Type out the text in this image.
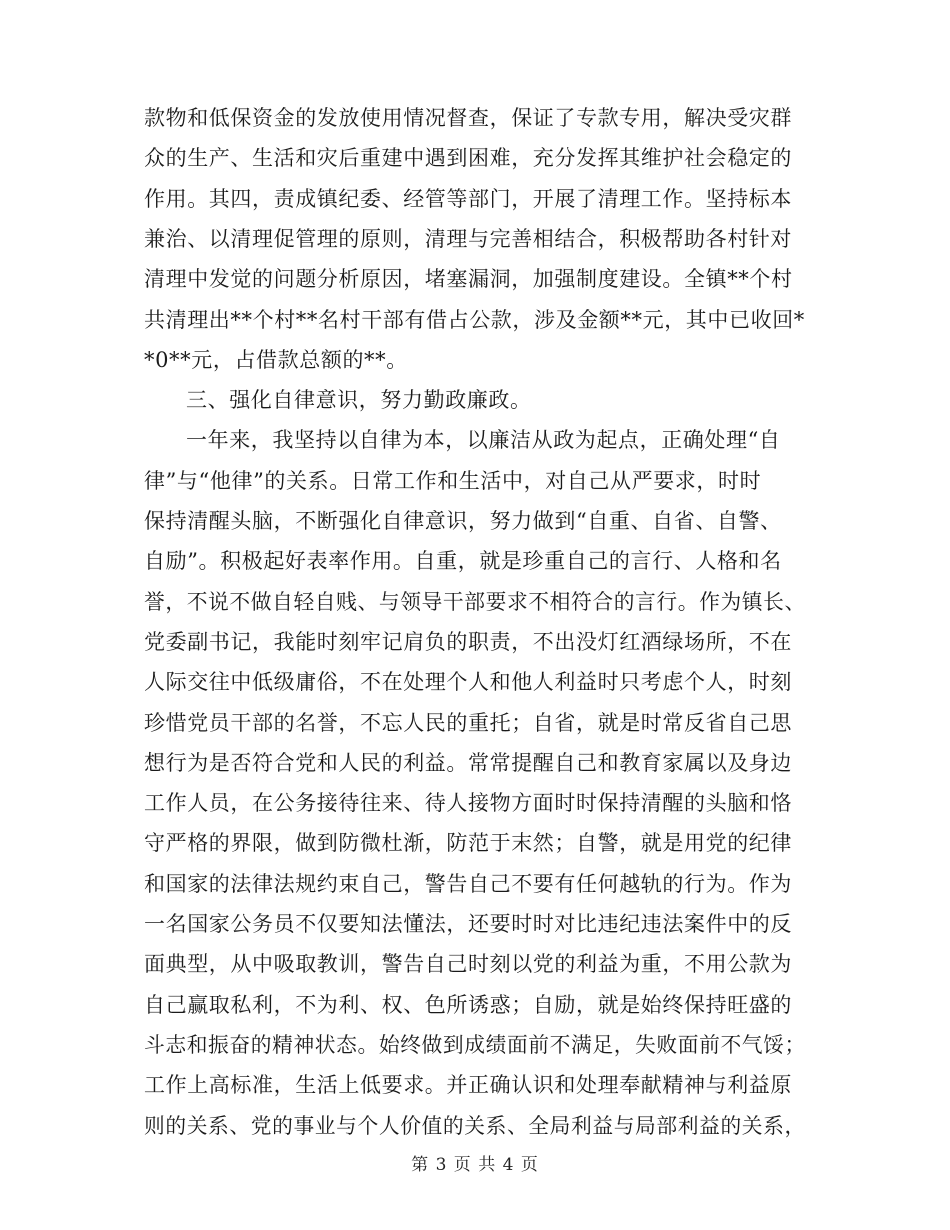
款物和低保资金的发放使用情况督查，保证了专款专用，解决受灾群
众的生产、生活和灾后重建中遇到困难，充分发挥其维护社会稳定的
作用。其四，责成镇纪委、经管等部门，开展了清理工作。坚持标本
兼治、以清理促管理的原则，清理与完善相结合，积极帮助各村针对
清理中发觉的问题分析原因，堵塞漏洞，加强制度建设。全镇**个村
共清理出**个村**名村干部有借占公款，涉及金额**元，其中已收回*
*0**元，占借款总额的**。
三、强化自律意识，努力勤政廉政。
一年来，我坚持以自律为本，以廉洁从政为起点，正确处理“自
律”与“他律”的关系。日常工作和生活中，对自己从严要求，时时
保持清醒头脑，不断强化自律意识，努力做到“自重、自省、自警、
自励”。积极起好表率作用。自重，就是珍重自己的言行、人格和名
誉，不说不做自轻自贱、与领导干部要求不相符合的言行。作为镇长、
党委副书记，我能时刻牢记肩负的职责，不出没灯红酒绿场所，不在
人际交往中低级庸俗，不在处理个人和他人利益时只考虑个人，时刻
珍惜党员干部的名誉，不忘人民的重托；自省，就是时常反省自己思
想行为是否符合党和人民的利益。常常提醒自己和教育家属以及身边
工作人员，在公务接待往来、待人接物方面时时保持清醒的头脑和恪
守严格的界限，做到防微杜渐，防范于末然；自警，就是用党的纪律
和国家的法律法规约束自己，警告自己不要有任何越轨的行为。作为
一名国家公务员不仅要知法懂法，还要时时对比违纪违法案件中的反
面典型，从中吸取教训，警告自己时刻以党的利益为重，不用公款为
自己赢取私利，不为利、权、色所诱惑；自励，就是始终保持旺盛的
斗志和振奋的精神状态。始终做到成绩面前不满足，失败面前不气馁；
工作上高标准，生活上低要求。并正确认识和处理奉献精神与利益原
则的关系、党的事业与个人价值的关系、全局利益与局部利益的关系，
第 3 页 共 4 页
